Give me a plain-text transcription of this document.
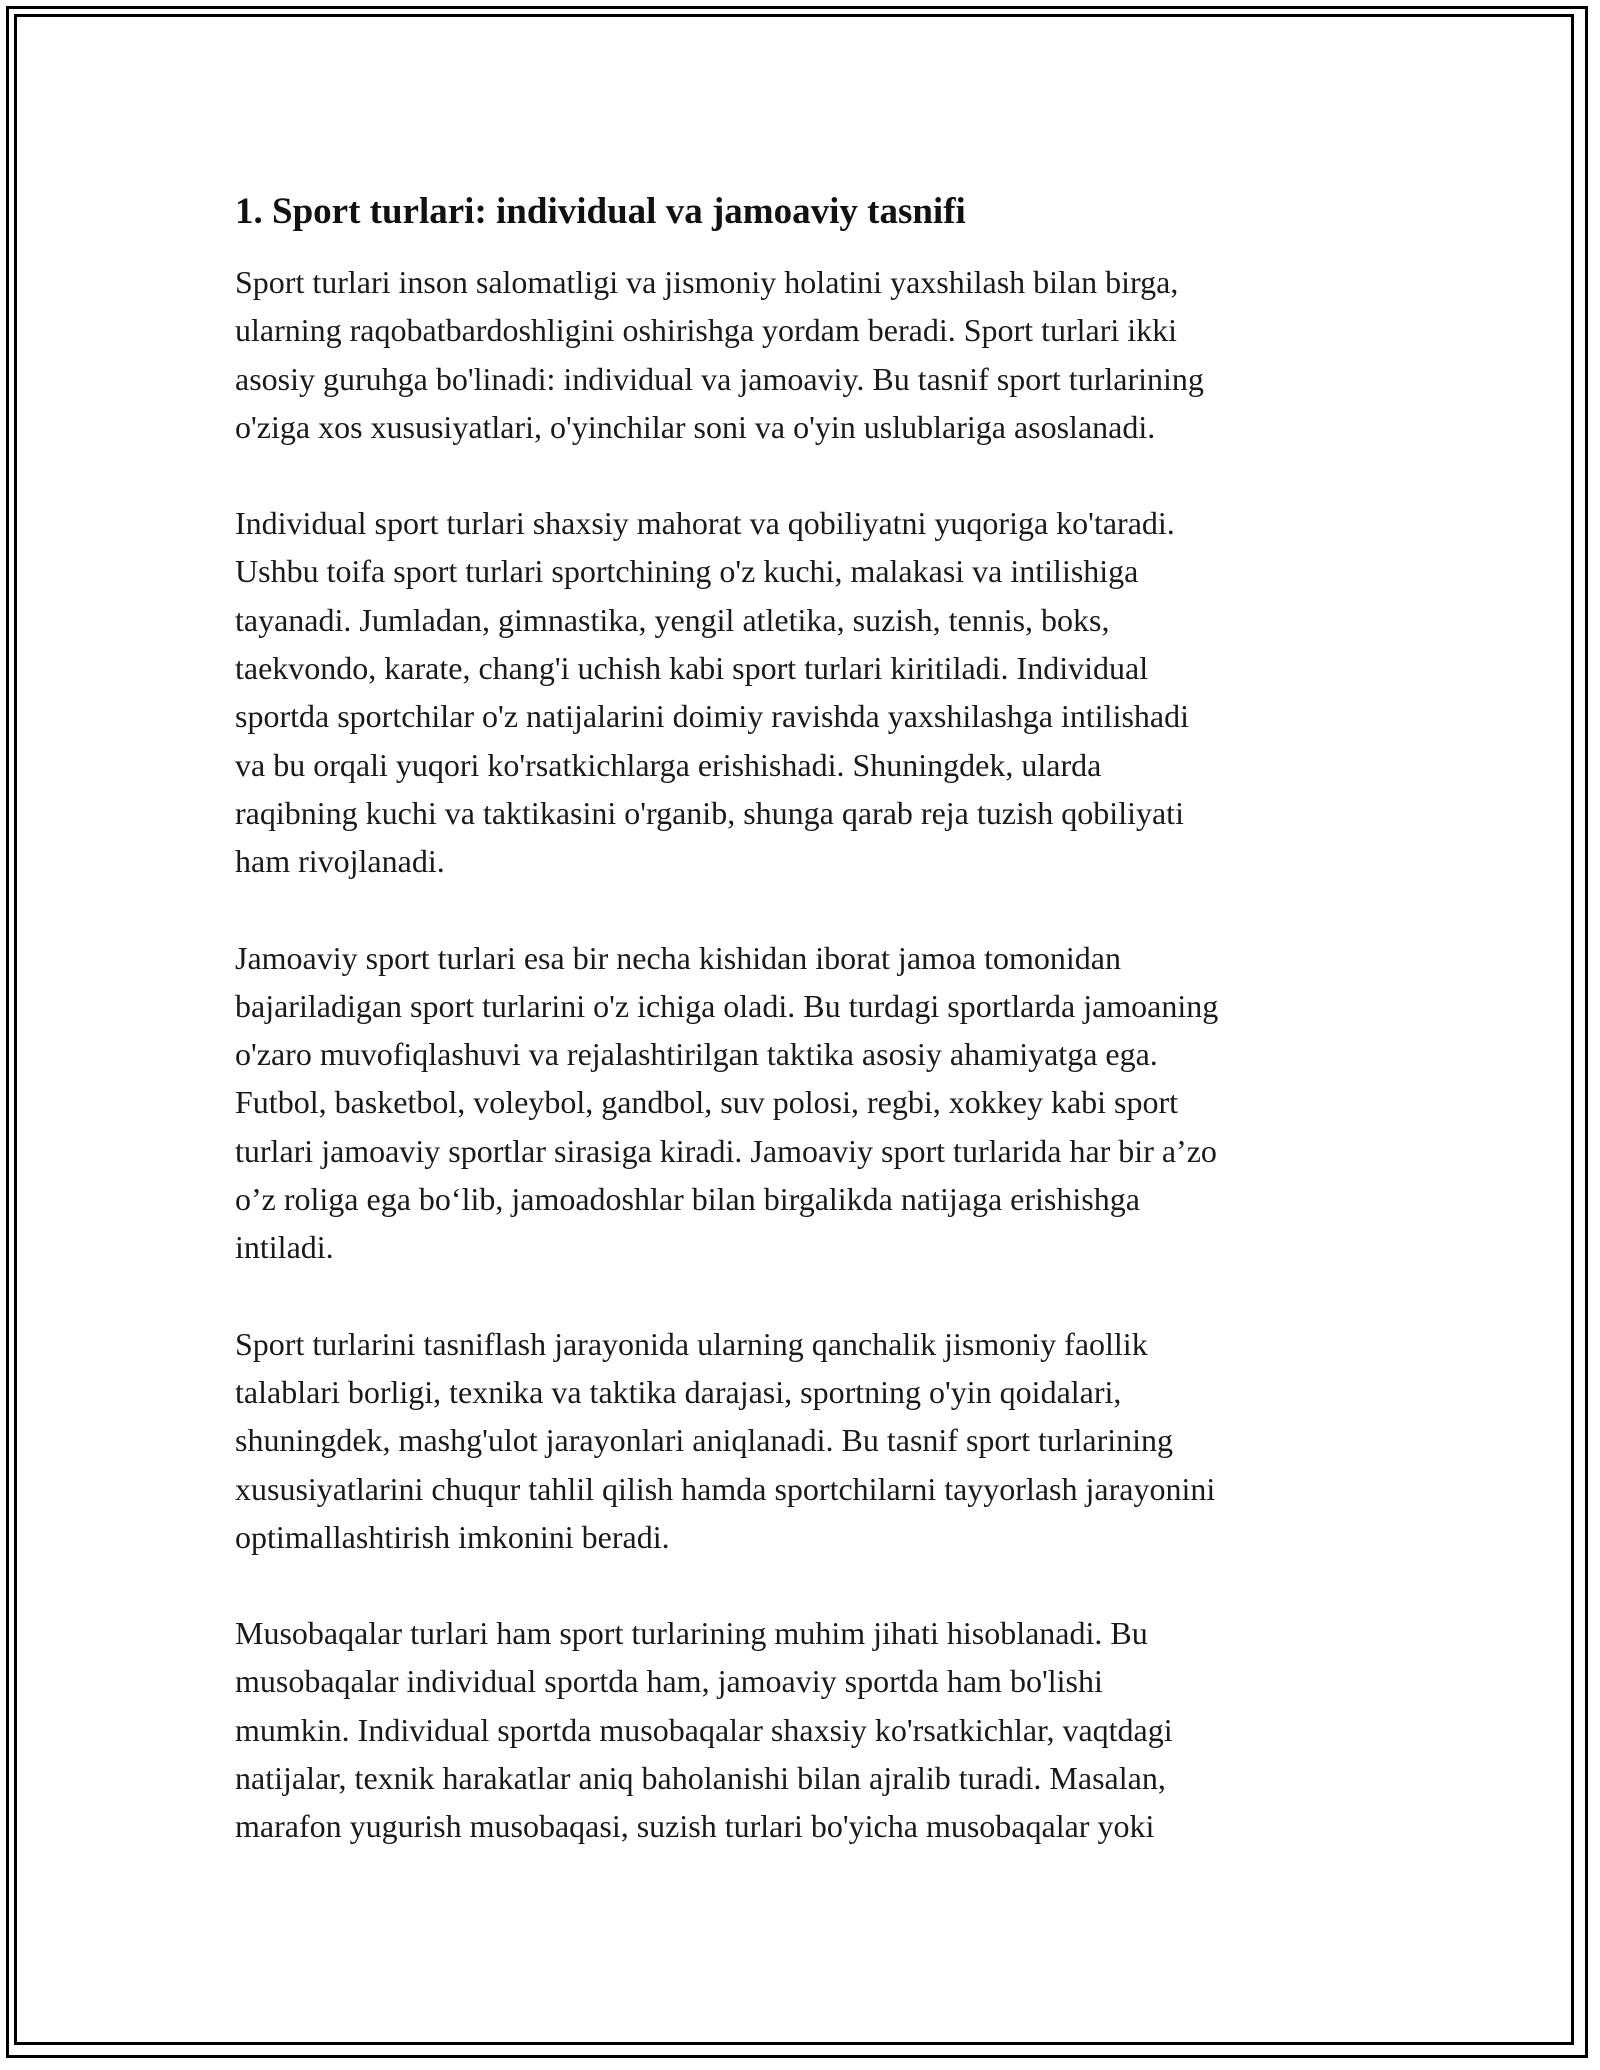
1. Sport turlari: individual va jamoaviy tasnifi

Sport turlari inson salomatligi va jismoniy holatini yaxshilash bilan birga,
ularning raqobatbardoshligini oshirishga yordam beradi. Sport turlari ikki
asosiy guruhga bo'linadi: individual va jamoaviy. Bu tasnif sport turlarining
o'ziga xos xususiyatlari, o'yinchilar soni va o'yin uslublariga asoslanadi.

Individual sport turlari shaxsiy mahorat va qobiliyatni yuqoriga ko'taradi.
Ushbu toifa sport turlari sportchining o'z kuchi, malakasi va intilishiga
tayanadi. Jumladan, gimnastika, yengil atletika, suzish, tennis, boks,
taekvondo, karate, chang'i uchish kabi sport turlari kiritiladi. Individual
sportda sportchilar o'z natijalarini doimiy ravishda yaxshilashga intilishadi
va bu orqali yuqori ko'rsatkichlarga erishishadi. Shuningdek, ularda
raqibning kuchi va taktikasini o'rganib, shunga qarab reja tuzish qobiliyati
ham rivojlanadi.

Jamoaviy sport turlari esa bir necha kishidan iborat jamoa tomonidan
bajariladigan sport turlarini o'z ichiga oladi. Bu turdagi sportlarda jamoaning
o'zaro muvofiqlashuvi va rejalashtirilgan taktika asosiy ahamiyatga ega.
Futbol, basketbol, voleybol, gandbol, suv polosi, regbi, xokkey kabi sport
turlari jamoaviy sportlar sirasiga kiradi. Jamoaviy sport turlarida har bir a’zo
o’z roliga ega bo‘lib, jamoadoshlar bilan birgalikda natijaga erishishga
intiladi.

Sport turlarini tasniflash jarayonida ularning qanchalik jismoniy faollik
talablari borligi, texnika va taktika darajasi, sportning o'yin qoidalari,
shuningdek, mashg'ulot jarayonlari aniqlanadi. Bu tasnif sport turlarining
xususiyatlarini chuqur tahlil qilish hamda sportchilarni tayyorlash jarayonini
optimallashtirish imkonini beradi.

Musobaqalar turlari ham sport turlarining muhim jihati hisoblanadi. Bu
musobaqalar individual sportda ham, jamoaviy sportda ham bo'lishi
mumkin. Individual sportda musobaqalar shaxsiy ko'rsatkichlar, vaqtdagi
natijalar, texnik harakatlar aniq baholanishi bilan ajralib turadi. Masalan,
marafon yugurish musobaqasi, suzish turlari bo'yicha musobaqalar yoki
